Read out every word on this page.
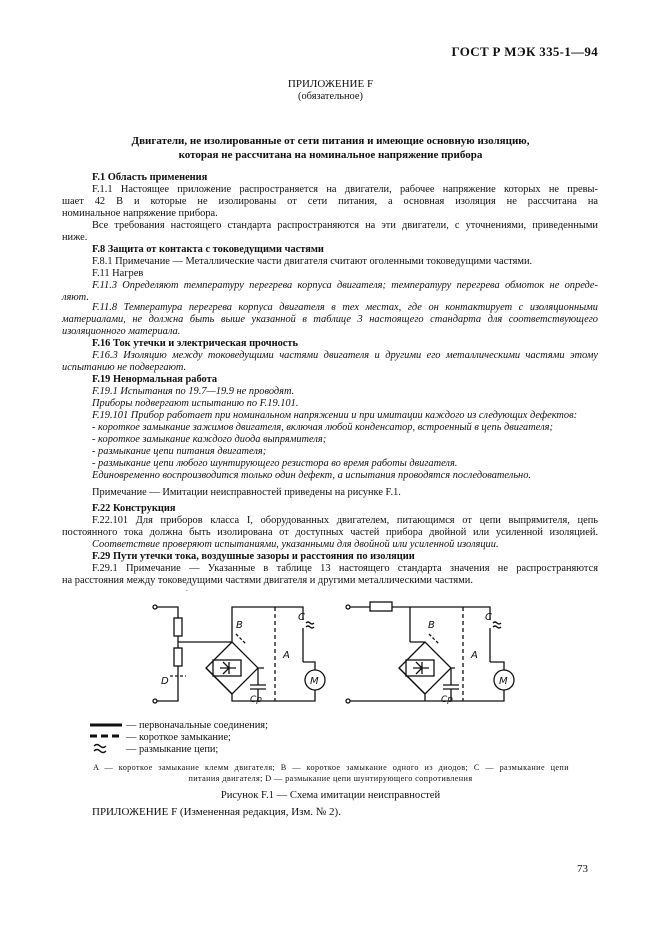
ГОСТ Р МЭК 335-1—94
ПРИЛОЖЕНИЕ F
(обязательное)
Двигатели, не изолированные от сети питания и имеющие основную изоляцию,
которая не рассчитана на номинальное напряжение прибора
F.1 Область применения
F.1.1 Настоящее приложение распространяется на двигатели, рабочее напряжение которых не превы-
шает 42 В и которые не изолированы от сети питания, а основная изоляция не рассчитана на
номинальное напряжение прибора.
Все требования настоящего стандарта распространяются на эти двигатели, с уточнениями, приведенными
ниже.
F.8 Защита от контакта с токоведущими частями
F.8.1 Примечание — Металлические части двигателя считают оголенными токоведущими частями.
F.11 Нагрев
F.11.3 Определяют температуру перегрева корпуса двигателя; температуру перегрева обмоток не опреде-
ляют.
F.11.8 Температура перегрева корпуса двигателя в тех местах, где он контактирует с изоляционными
материалами, не должна быть выше указанной в таблице 3 настоящего стандарта для соответствующего
изоляционного материала.
F.16 Ток утечки и электрическая прочность
F.16.3 Изоляцию между токоведущими частями двигателя и другими его металлическими частями этому
испытанию не подвергают.
F.19 Ненормальная работа
F.19.1 Испытания по 19.7—19.9 не проводят.
Приборы подвергают испытанию по F.19.101.
F.19.101 Прибор работает при номинальном напряжении и при имитации каждого из следующих дефектов:
- короткое замыкание зажимов двигателя, включая любой конденсатор, встроенный в цепь двигателя;
- короткое замыкание каждого диода выпрямителя;
- размыкание цепи питания двигателя;
- размыкание цепи любого шунтирующего резистора во время работы двигателя.
Единовременно воспроизводится только один дефект, а испытания проводятся последовательно.
Примечание — Имитации неисправностей приведены на рисунке F.1.
F.22 Конструкция
F.22.101 Для приборов класса I, оборудованных двигателем, питающимся от цепи выпрямителя, цепь
постоянного тока должна быть изолирована от доступных частей прибора двойной или усиленной изоляцией.
Соответствие проверяют испытаниями, указанными для двойной или усиленной изоляции.
F.29 Пути утечки тока, воздушные зазоры и расстояния по изоляции
F.29.1 Примечание — Указанные в таблице 13 настоящего стандарта значения не распространяются
на расстояния между токоведущими частями двигателя и другими металлическими частями.
D
B
Cp
A
C
M
B
Cp
A
C
M
— первоначальные соединения;
— короткое замыкание;
— размыкание цепи;
A — короткое замыкание клемм двигателя; B — короткое замыкание одного из диодов; C — размыкание цепи
питания двигателя; D — размыкание цепи шунтирующего сопротивления
Рисунок F.1 — Схема имитации неисправностей
ПРИЛОЖЕНИЕ F (Измененная редакция, Изм. № 2).
73
